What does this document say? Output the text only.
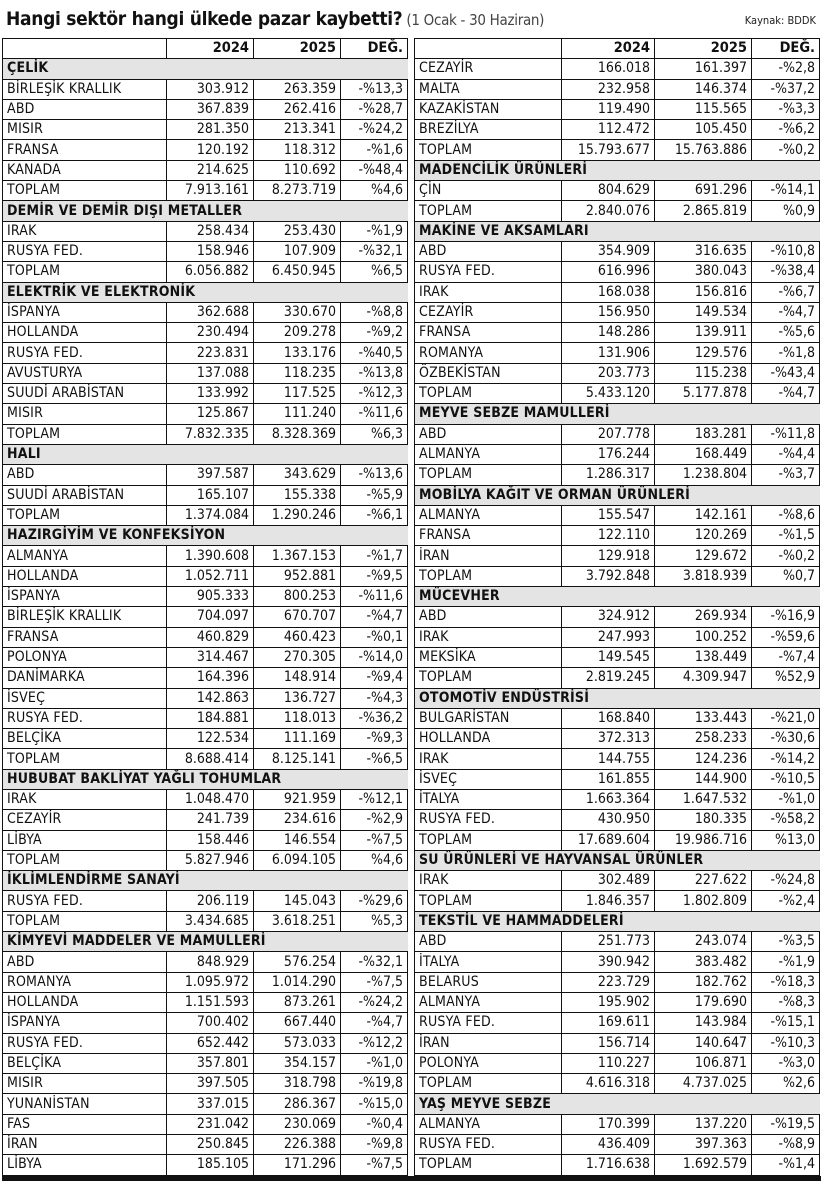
Hangi sektör hangi ülkede pazar kaybetti? (1 Ocak - 30 Haziran)	Kaynak: BDDK
	2024	2025	DEĞ.
ÇELİK			
BİRLEŞİK KRALLIK	303.912	263.359	-%13,3
ABD	367.839	262.416	-%28,7
MISIR	281.350	213.341	-%24,2
FRANSA	120.192	118.312	-%1,6
KANADA	214.625	110.692	-%48,4
TOPLAM	7.913.161	8.273.719	%4,6
DEMİR VE DEMİR DIŞI METALLER			
IRAK	258.434	253.430	-%1,9
RUSYA FED.	158.946	107.909	-%32,1
TOPLAM	6.056.882	6.450.945	%6,5
ELEKTRİK VE ELEKTRONİK			
İSPANYA	362.688	330.670	-%8,8
HOLLANDA	230.494	209.278	-%9,2
RUSYA FED.	223.831	133.176	-%40,5
AVUSTURYA	137.088	118.235	-%13,8
SUUDİ ARABİSTAN	133.992	117.525	-%12,3
MISIR	125.867	111.240	-%11,6
TOPLAM	7.832.335	8.328.369	%6,3
HALI			
ABD	397.587	343.629	-%13,6
SUUDİ ARABİSTAN	165.107	155.338	-%5,9
TOPLAM	1.374.084	1.290.246	-%6,1
HAZIRGİYİM VE KONFEKSİYON			
ALMANYA	1.390.608	1.367.153	-%1,7
HOLLANDA	1.052.711	952.881	-%9,5
İSPANYA	905.333	800.253	-%11,6
BİRLEŞİK KRALLIK	704.097	670.707	-%4,7
FRANSA	460.829	460.423	-%0,1
POLONYA	314.467	270.305	-%14,0
DANİMARKA	164.396	148.914	-%9,4
İSVEÇ	142.863	136.727	-%4,3
RUSYA FED.	184.881	118.013	-%36,2
BELÇİKA	122.534	111.169	-%9,3
TOPLAM	8.688.414	8.125.141	-%6,5
HUBUBAT BAKLİYAT YAĞLI TOHUMLAR			
IRAK	1.048.470	921.959	-%12,1
CEZAYİR	241.739	234.616	-%2,9
LİBYA	158.446	146.554	-%7,5
TOPLAM	5.827.946	6.094.105	%4,6
İKLİMLENDİRME SANAYİ			
RUSYA FED.	206.119	145.043	-%29,6
TOPLAM	3.434.685	3.618.251	%5,3
KİMYEVİ MADDELER VE MAMULLERİ			
ABD	848.929	576.254	-%32,1
ROMANYA	1.095.972	1.014.290	-%7,5
HOLLANDA	1.151.593	873.261	-%24,2
İSPANYA	700.402	667.440	-%4,7
RUSYA FED.	652.442	573.033	-%12,2
BELÇİKA	357.801	354.157	-%1,0
MISIR	397.505	318.798	-%19,8
YUNANİSTAN	337.015	286.367	-%15,0
FAS	231.042	230.069	-%0,4
İRAN	250.845	226.388	-%9,8
LİBYA	185.105	171.296	-%7,5
	2024	2025	DEĞ.
CEZAYİR	166.018	161.397	-%2,8
MALTA	232.958	146.374	-%37,2
KAZAKİSTAN	119.490	115.565	-%3,3
BREZİLYA	112.472	105.450	-%6,2
TOPLAM	15.793.677	15.763.886	-%0,2
MADENCİLİK ÜRÜNLERİ			
ÇİN	804.629	691.296	-%14,1
TOPLAM	2.840.076	2.865.819	%0,9
MAKİNE VE AKSAMLARI			
ABD	354.909	316.635	-%10,8
RUSYA FED.	616.996	380.043	-%38,4
IRAK	168.038	156.816	-%6,7
CEZAYİR	156.950	149.534	-%4,7
FRANSA	148.286	139.911	-%5,6
ROMANYA	131.906	129.576	-%1,8
ÖZBEKİSTAN	203.773	115.238	-%43,4
TOPLAM	5.433.120	5.177.878	-%4,7
MEYVE SEBZE MAMULLERİ			
ABD	207.778	183.281	-%11,8
ALMANYA	176.244	168.449	-%4,4
TOPLAM	1.286.317	1.238.804	-%3,7
MOBİLYA KAĞIT VE ORMAN ÜRÜNLERİ			
ALMANYA	155.547	142.161	-%8,6
FRANSA	122.110	120.269	-%1,5
İRAN	129.918	129.672	-%0,2
TOPLAM	3.792.848	3.818.939	%0,7
MÜCEVHER			
ABD	324.912	269.934	-%16,9
IRAK	247.993	100.252	-%59,6
MEKSİKA	149.545	138.449	-%7,4
TOPLAM	2.819.245	4.309.947	%52,9
OTOMOTİV ENDÜSTRİSİ			
BULGARİSTAN	168.840	133.443	-%21,0
HOLLANDA	372.313	258.233	-%30,6
IRAK	144.755	124.236	-%14,2
İSVEÇ	161.855	144.900	-%10,5
İTALYA	1.663.364	1.647.532	-%1,0
RUSYA FED.	430.950	180.335	-%58,2
TOPLAM	17.689.604	19.986.716	%13,0
SU ÜRÜNLERİ VE HAYVANSAL ÜRÜNLER			
IRAK	302.489	227.622	-%24,8
TOPLAM	1.846.357	1.802.809	-%2,4
TEKSTİL VE HAMMADDELERİ			
ABD	251.773	243.074	-%3,5
İTALYA	390.942	383.482	-%1,9
BELARUS	223.729	182.762	-%18,3
ALMANYA	195.902	179.690	-%8,3
RUSYA FED.	169.611	143.984	-%15,1
İRAN	156.714	140.647	-%10,3
POLONYA	110.227	106.871	-%3,0
TOPLAM	4.616.318	4.737.025	%2,6
YAŞ MEYVE SEBZE			
ALMANYA	170.399	137.220	-%19,5
RUSYA FED.	436.409	397.363	-%8,9
TOPLAM	1.716.638	1.692.579	-%1,4
